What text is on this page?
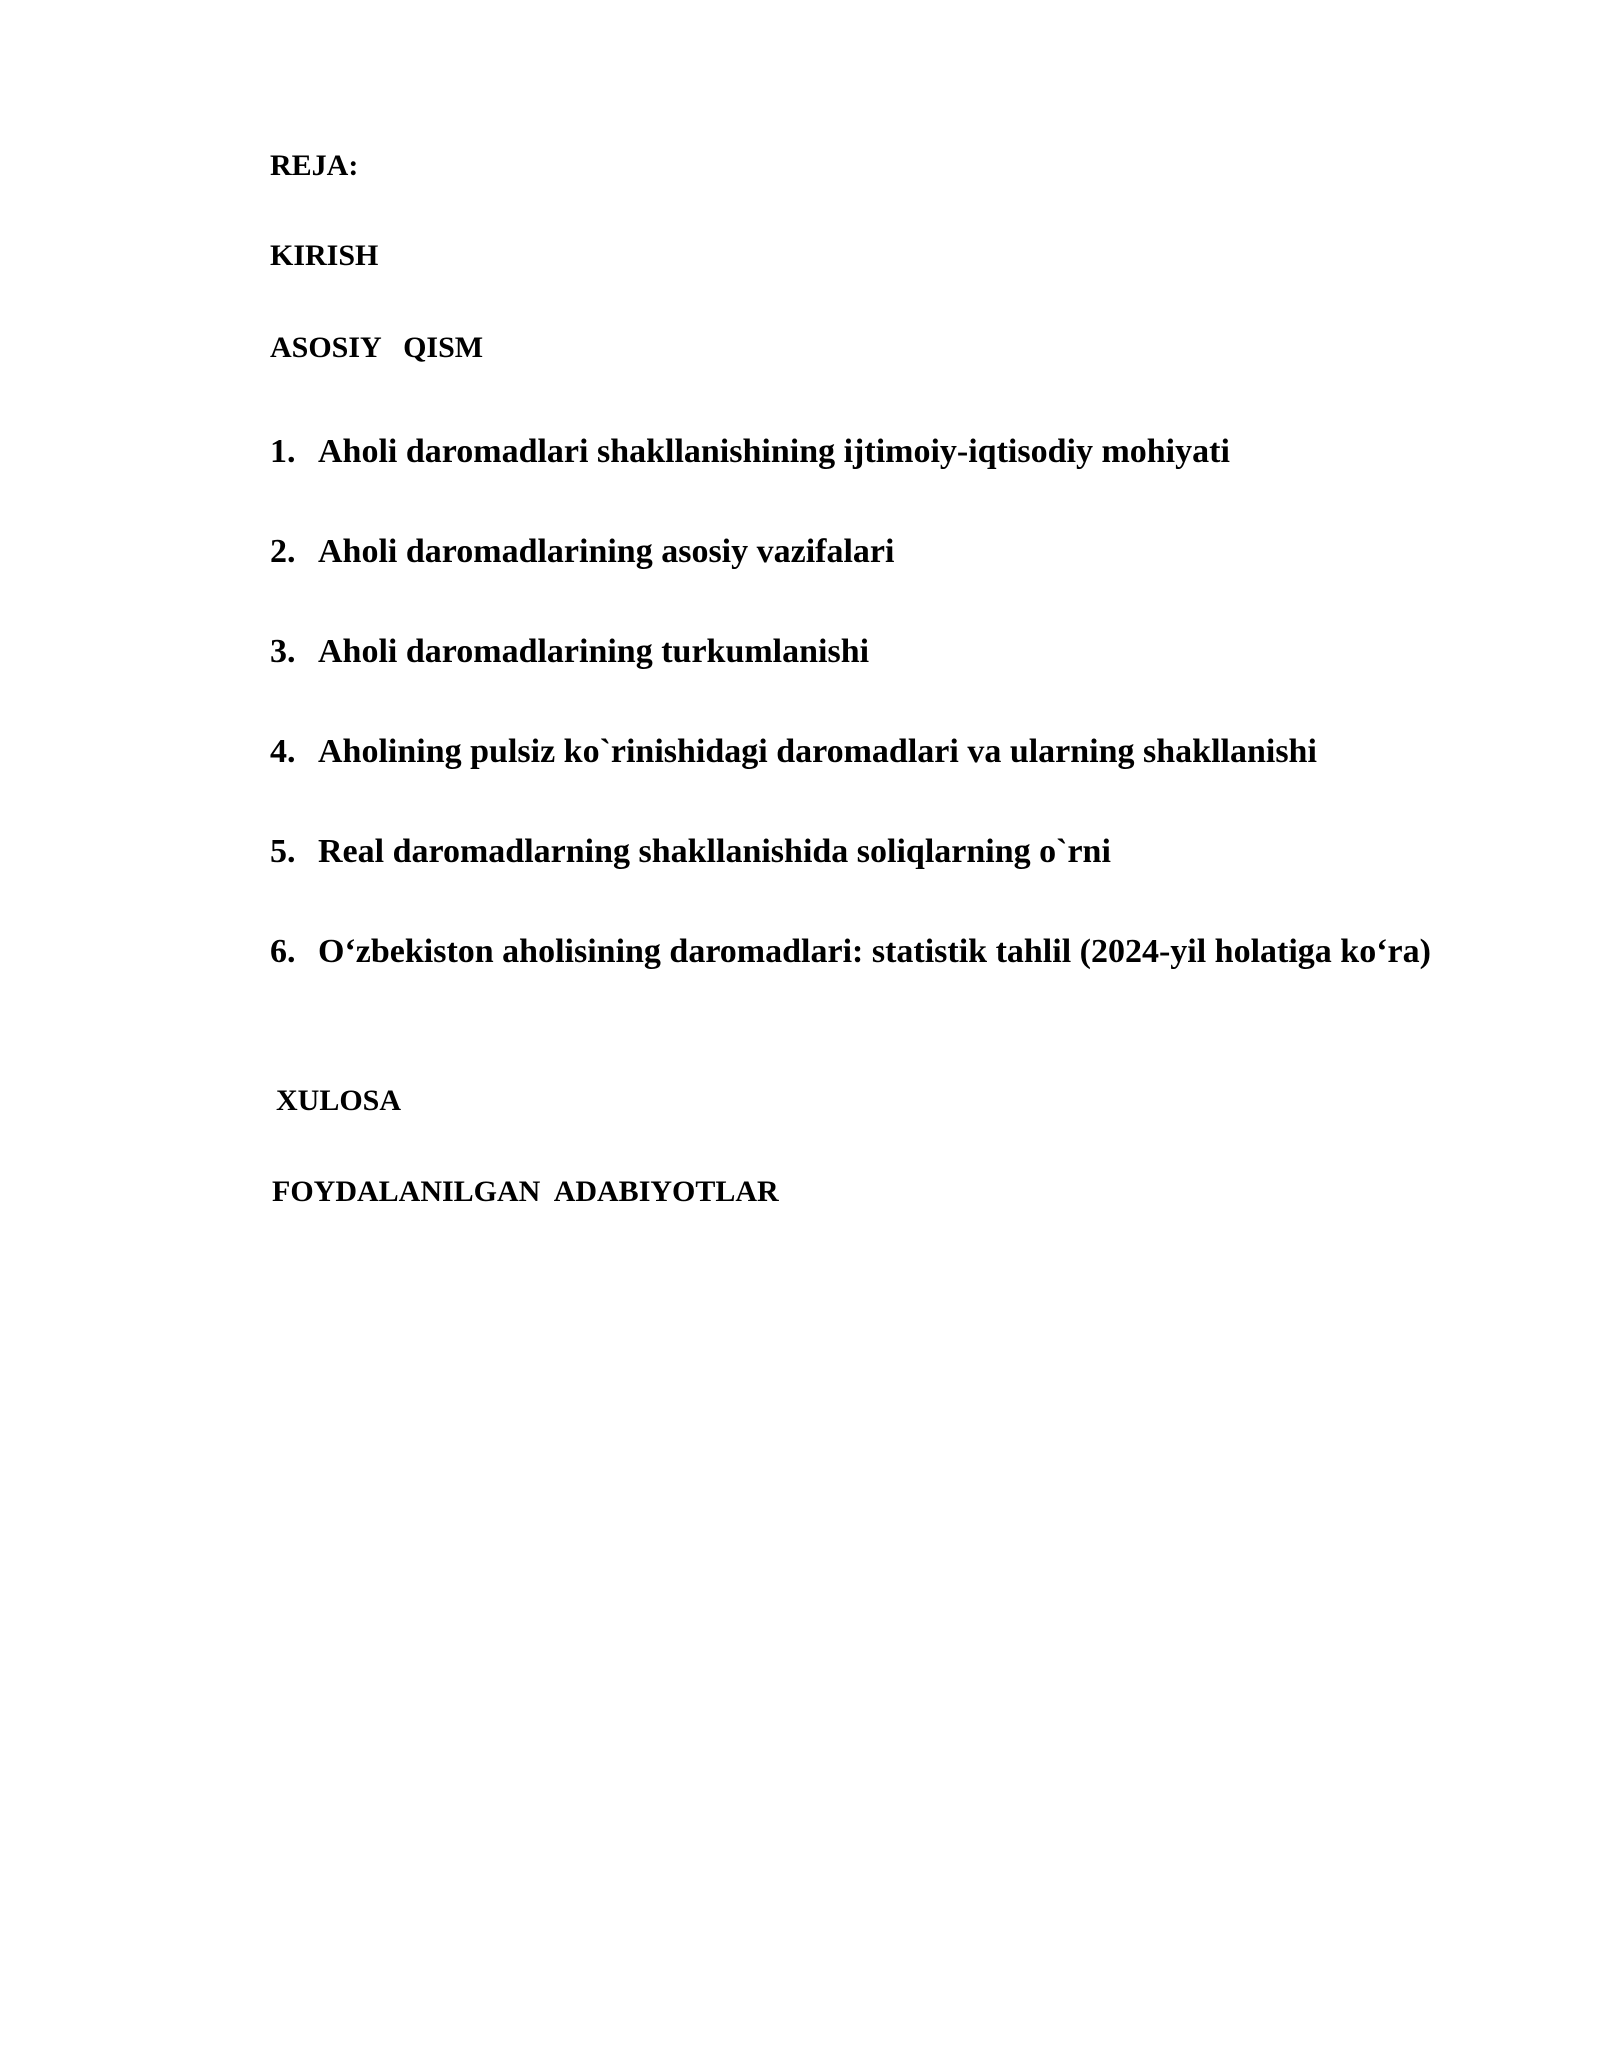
REJA:
KIRISH
ASOSIY   QISM
1. Aholi daromadlari shakllanishining ijtimoiy-iqtisodiy mohiyati
2. Aholi daromadlarining asosiy vazifalari
3. Aholi daromadlarining turkumlanishi
4. Aholining pulsiz ko`rinishidagi daromadlari va ularning shakllanishi
5. Real daromadlarning shakllanishida soliqlarning o`rni
6. O‘zbekiston aholisining daromadlari: statistik tahlil (2024-yil holatiga ko‘ra)
XULOSA
FOYDALANILGAN  ADABIYOTLAR
